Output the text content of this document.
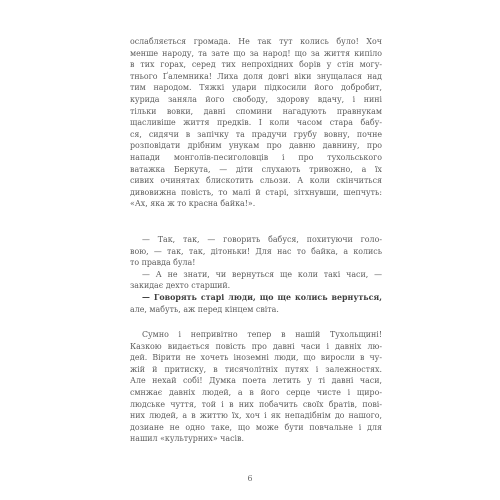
ослабляється громада. Не так тут колись було! Хоч
менше народу, та зате що за народ! що за життя кипіло
в тих горах, серед тих непрохідних борів у стін могу-
тнього Ґалемника! Лиха доля довгі віки знущалася над
тим народом. Тяжкі удари підкосили його добробит,
курида заняла його свободу, здорову вдачу, і нині
тільки вовки, давні спомини нагадують правнукам
щасливіше життя предків. І коли часом стара бабу-
ся, сидячи в запічку та прадучи грубу вовну, почне
розповідати дрібним унукам про давню давнину, про
напади монголів-песиголовців і про тухольського
ватажка Беркута, — діти слухають тривожно, а їх
сивих очинятах блискотить сльози. А коли скінчиться
дивовижна повість, то малі й старі, зітхнувши, шепчуть:
«Ах, яка ж то красна байка!».
— Так, так, — говорить бабуся, похитуючи голо-
вою, — так, так, дітоньки! Для нас то байка, а колись
то правда була!
— А не знати, чи вернуться ще коли такі часи, —
закидає дехто старший.
— Говорять старі люди, що ще колись вернуться,
але, мабуть, аж перед кінцем світа.
Сумно і непривітно тепер в нашій Тухольщині!
Казкою видається повість про давні часи і давніх лю-
дей. Вірити не хочеть іноземні люди, що виросли в чу-
жій й притиску, в тисячолітніх путях і залежностях.
Але нехай собі! Думка поета летить у ті давні часи,
смнжає давніх людей, а в його серце чисте і щиро-
людське чуття, той і в них побачить своїх братів, пові-
них людей, а в життю їх, хоч і як непадібнім до нашого,
дозиане не одно таке, що може бути повчальне і для
нашил «культурних» часів.
6
